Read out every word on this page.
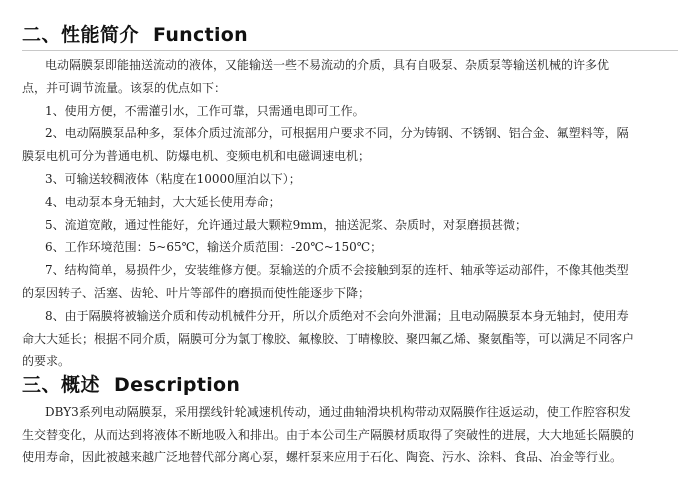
二、性能简介 Function
电动隔膜泵即能抽送流动的液体，又能输送一些不易流动的介质，具有自吸泵、杂质泵等输送机械的许多优
点，并可调节流量。该泵的优点如下：
1、使用方便，不需灌引水，工作可靠，只需通电即可工作。
2、电动隔膜泵品种多，泵体介质过流部分，可根据用户要求不同，分为铸钢、不锈钢、铝合金、氟塑料等，隔
膜泵电机可分为普通电机、防爆电机、变频电机和电磁调速电机；
3、可输送较稠液体（粘度在10000厘泊以下）；
4、电动泵本身无轴封，大大延长使用寿命；
5、流道宽敞，通过性能好，允许通过最大颗粒9mm，抽送泥浆、杂质时，对泵磨损甚微；
6、工作环境范围：5~65℃，输送介质范围：-20℃~150℃；
7、结构简单，易损件少，安装维修方便。泵输送的介质不会接触到泵的连杆、轴承等运动部件，不像其他类型
的泵因转子、活塞、齿轮、叶片等部件的磨损而使性能逐步下降；
8、由于隔膜将被输送介质和传动机械件分开，所以介质绝对不会向外泄漏；且电动隔膜泵本身无轴封，使用寿
命大大延长；根据不同介质，隔膜可分为氯丁橡胶、氟橡胶、丁晴橡胶、聚四氟乙烯、聚氨酯等，可以满足不同客户
的要求。
三、概述 Description
DBY3系列电动隔膜泵，采用摆线针轮减速机传动，通过曲轴滑块机构带动双隔膜作往返运动，使工作腔容积发
生交替变化，从而达到将液体不断地吸入和排出。由于本公司生产隔膜材质取得了突破性的进展，大大地延长隔膜的
使用寿命，因此被越来越广泛地替代部分离心泵，螺杆泵来应用于石化、陶瓷、污水、涂料、食品、冶金等行业。
